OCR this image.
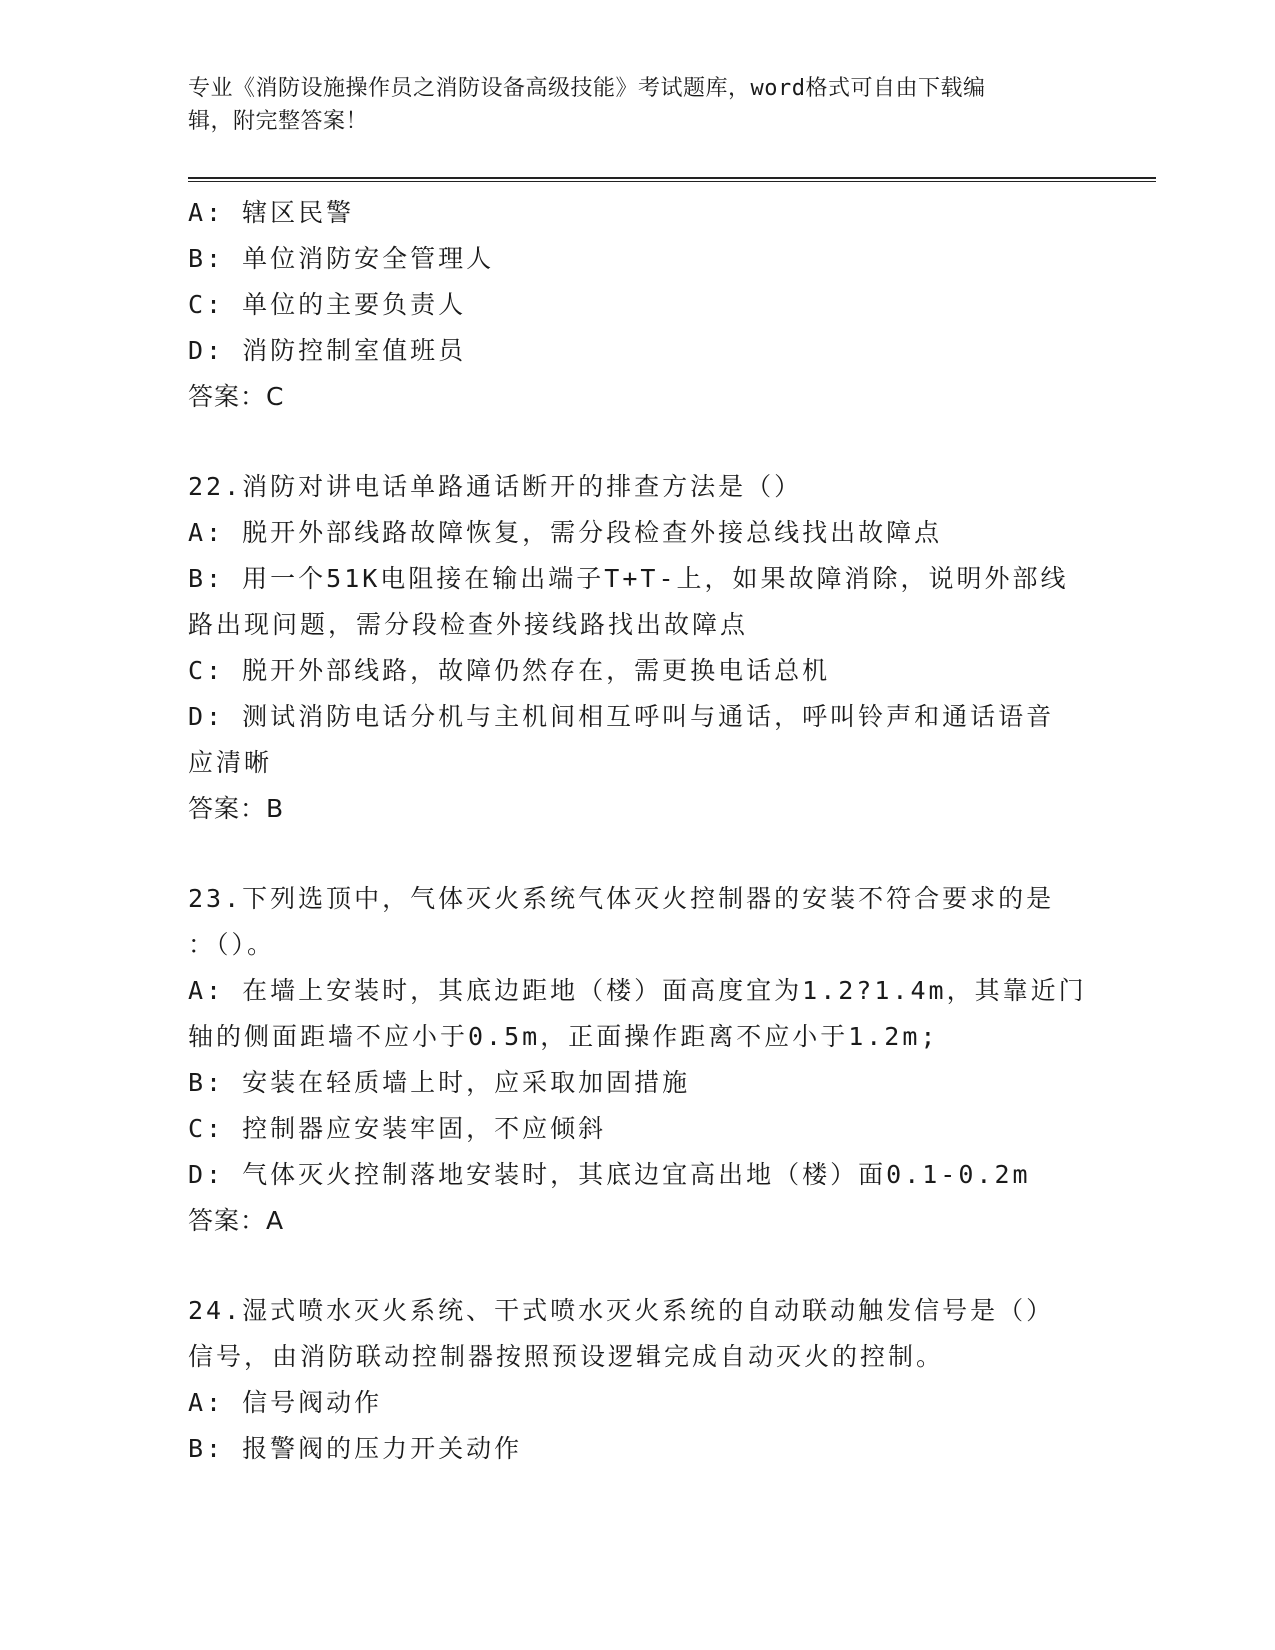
专业《消防设施操作员之消防设备高级技能》考试题库，word格式可自由下载编
辑，附完整答案！
A: 辖区民警
B: 单位消防安全管理人
C: 单位的主要负责人
D: 消防控制室值班员
答案：C
22.消防对讲电话单路通话断开的排查方法是（）
A: 脱开外部线路故障恢复，需分段检查外接总线找出故障点
B: 用一个51K电阻接在输出端子T+T-上，如果故障消除，说明外部线
路出现问题，需分段检查外接线路找出故障点
C: 脱开外部线路，故障仍然存在，需更换电话总机
D: 测试消防电话分机与主机间相互呼叫与通话，呼叫铃声和通话语音
应清晰
答案：B
23.下列选顶中，气体灭火系统气体灭火控制器的安装不符合要求的是
：（）。
A: 在墙上安装时，其底边距地（楼）面高度宜为1.2?1.4m，其靠近门
轴的侧面距墙不应小于0.5m，正面操作距离不应小于1.2m;
B: 安装在轻质墙上时，应采取加固措施
C: 控制器应安装牢固，不应倾斜
D: 气体灭火控制落地安装时，其底边宜高出地（楼）面0.1-0.2m
答案：A
24.湿式喷水灭火系统、干式喷水灭火系统的自动联动触发信号是（）
信号，由消防联动控制器按照预设逻辑完成自动灭火的控制。
A: 信号阀动作
B: 报警阀的压力开关动作
